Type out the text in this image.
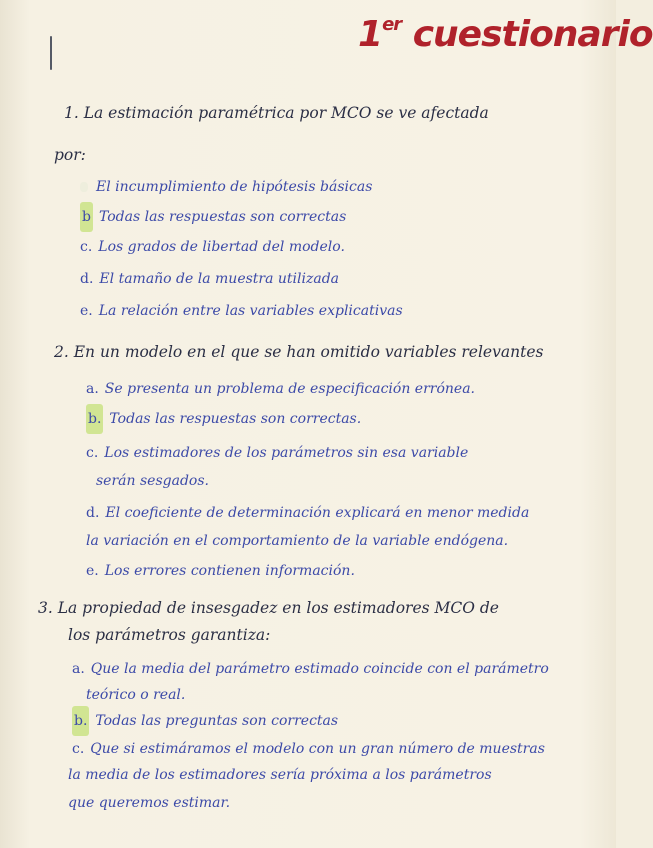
1er cuestionario
1. La estimación paramétrica por MCO se ve afectada
por:
El incumplimiento de hipótesis básicas
b Todas las respuestas son correctas
c. Los grados de libertad del modelo.
d. El tamaño de la muestra utilizada
e. La relación entre las variables explicativas
2. En un modelo en el que se han omitido variables relevantes
a. Se presenta un problema de especificación errónea.
b. Todas las respuestas son correctas.
c. Los estimadores de los parámetros sin esa variable
serán sesgados.
d. El coeficiente de determinación explicará en menor medida
la variación en el comportamiento de la variable endógena.
e. Los errores contienen información.
3. La propiedad de insesgadez en los estimadores MCO de
los parámetros garantiza:
a. Que la media del parámetro estimado coincide con el parámetro
teórico o real.
b. Todas las preguntas son correctas
c. Que si estimáramos el modelo con un gran número de muestras
la media de los estimadores sería próxima a los parámetros
que queremos estimar.
